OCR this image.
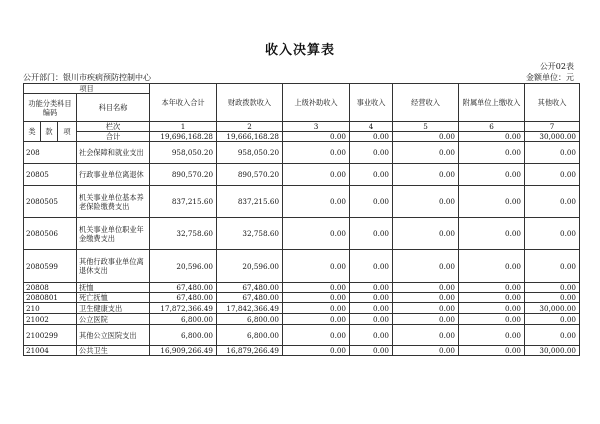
收入决算表
公开02表
公开部门：银川市疾病预防控制中心	金额单位：元
项目				本年收入合计	财政拨款收入	上级补助收入	事业收入	经营收入	附属单位上缴收入	其他收入
功能分类科目编码			科目名称							

类	款	项	栏次	1	2	3	4	5	6	7
			合计	19,696,168.28	19,666,168.28	0.00	0.00	0.00	0.00	30,000.00
208			社会保障和就业支出	958,050.20	958,050.20	0.00	0.00	0.00	0.00	0.00
20805			行政事业单位离退休	890,570.20	890,570.20	0.00	0.00	0.00	0.00	0.00
2080505			机关事业单位基本养老保险缴费支出	837,215.60	837,215.60	0.00	0.00	0.00	0.00	0.00
2080506			机关事业单位职业年金缴费支出	32,758.60	32,758.60	0.00	0.00	0.00	0.00	0.00
2080599			其他行政事业单位离退休支出	20,596.00	20,596.00	0.00	0.00	0.00	0.00	0.00
20808			抚恤	67,480.00	67,480.00	0.00	0.00	0.00	0.00	0.00
2080801			死亡抚恤	67,480.00	67,480.00	0.00	0.00	0.00	0.00	0.00
210			卫生健康支出	17,872,366.49	17,842,366.49	0.00	0.00	0.00	0.00	30,000.00
21002			公立医院	6,800.00	6,800.00	0.00	0.00	0.00	0.00	0.00
2100299			其他公立医院支出	6,800.00	6,800.00	0.00	0.00	0.00	0.00	0.00
21004			公共卫生	16,909,266.49	16,879,266.49	0.00	0.00	0.00	0.00	30,000.00
